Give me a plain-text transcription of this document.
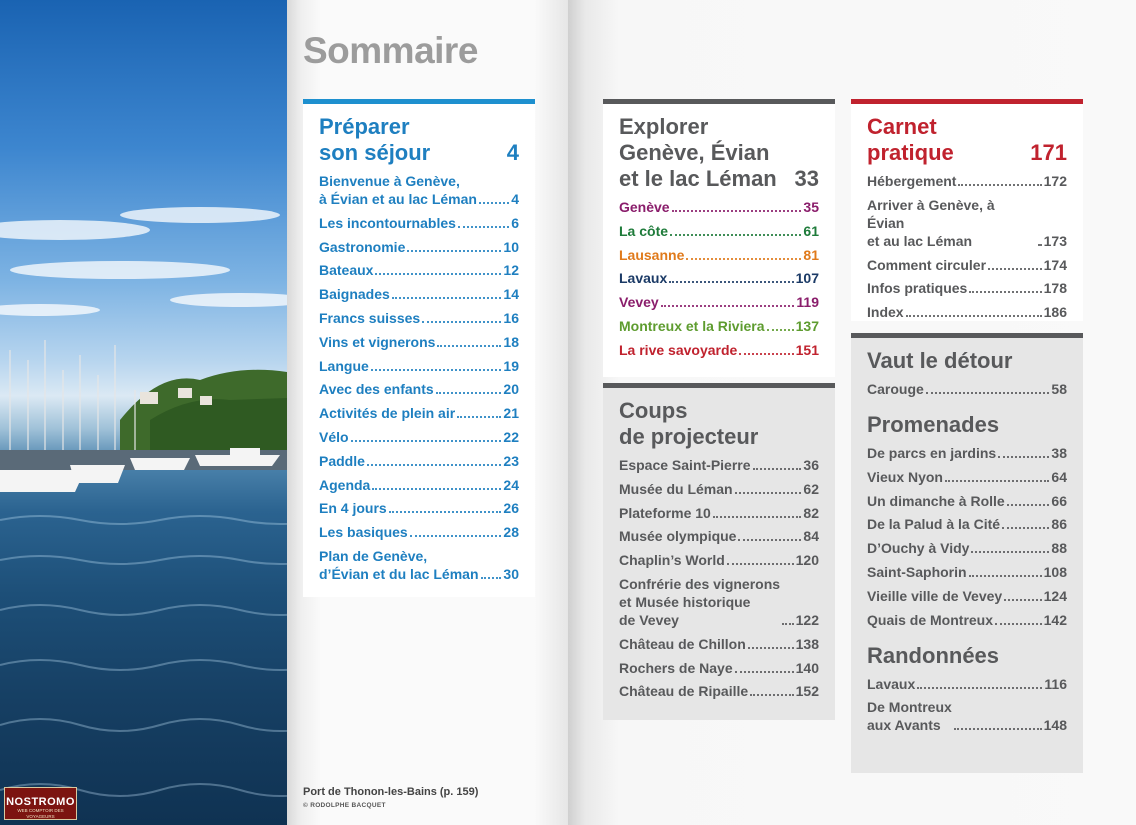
Sommaire
Préparer
son séjour	4
Bienvenue à Genève,
à Évian et au lac Léman 4
Les incontournables	6
Gastronomie	10
Bateaux	12
Baignades	14
Francs suisses	16
Vins et vignerons	18
Langue	19
Avec des enfants	20
Activités de plein air	21
Vélo	22
Paddle	23
Agenda	24
En 4 jours	26
Les basiques	28
Plan de Genève,
d’Évian et du lac Léman 30
Explorer
Genève, Évian
et le lac Léman 33
Genève	35
La côte	61
Lausanne	81
Lavaux	107
Vevey	119
Montreux et la Riviera 137
La rive savoyarde	151
Coups
de projecteur
Espace Saint-Pierre	36
Musée du Léman	62
Plateforme 10	82
Musée olympique	84
Chaplin’s World	120
Confrérie des vignerons
et Musée historique
de Vevey	122
Château de Chillon	138
Rochers de Naye	140
Château de Ripaille	152
Carnet
pratique	171
Hébergement	172
Arriver à Genève, à Évian
et au lac Léman	173
Comment circuler	174
Infos pratiques	178
Index	186
Vaut le détour
Carouge	58
Promenades
De parcs en jardins	38
Vieux Nyon	64
Un dimanche à Rolle	66
De la Palud à la Cité	86
D’Ouchy à Vidy	88
Saint-Saphorin	108
Vieille ville de Vevey	124
Quais de Montreux	142
Randonnées
Lavaux	116
De Montreux
aux Avants	148
Port de Thonon-les-Bains (p. 159)
© RODOLPHE BACQUET
NOSTROMO
WEB COMPTOIR DES VOYAGEURS
